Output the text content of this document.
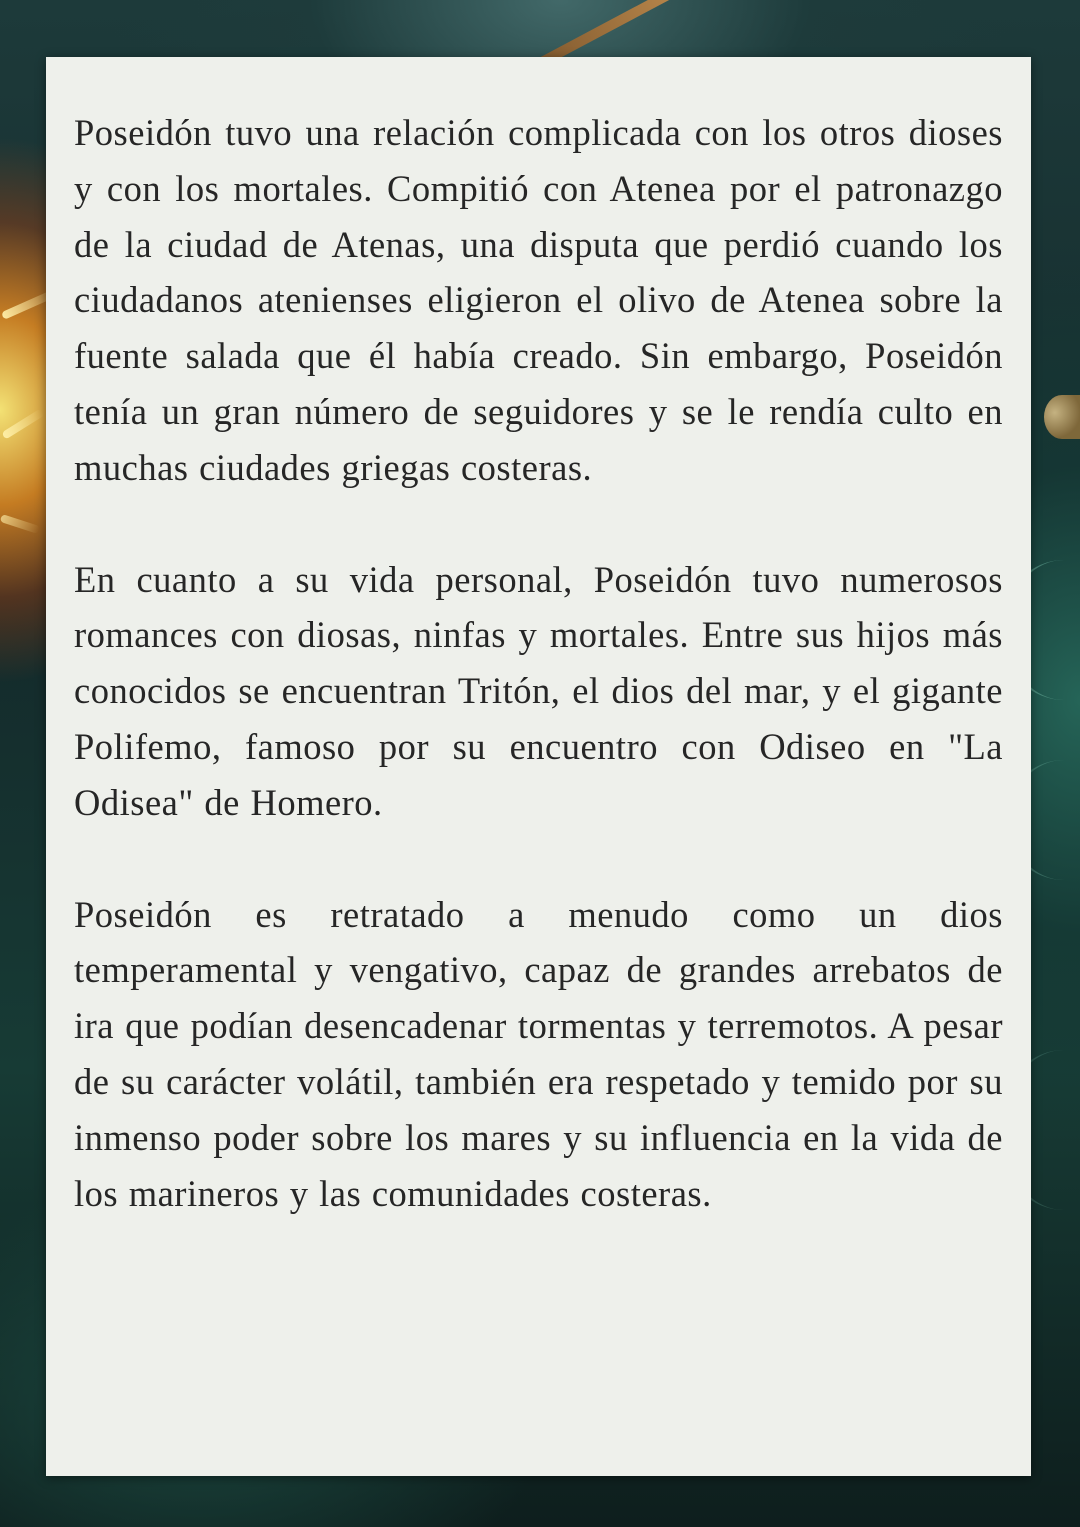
Poseidón tuvo una relación complicada con los otros dioses y con los mortales. Compitió con Atenea por el patronazgo de la ciudad de Atenas, una disputa que perdió cuando los ciudadanos atenienses eligieron el olivo de Atenea sobre la fuente salada que él había creado. Sin embargo, Poseidón tenía un gran número de seguidores y se le rendía culto en muchas ciudades griegas costeras.

En cuanto a su vida personal, Poseidón tuvo numerosos romances con diosas, ninfas y mortales. Entre sus hijos más conocidos se encuentran Tritón, el dios del mar, y el gigante Polifemo, famoso por su encuentro con Odiseo en "La Odisea" de Homero.

Poseidón es retratado a menudo como un dios temperamental y vengativo, capaz de grandes arrebatos de ira que podían desencadenar tormentas y terremotos. A pesar de su carácter volátil, también era respetado y temido por su inmenso poder sobre los mares y su influencia en la vida de los marineros y las comunidades costeras.
